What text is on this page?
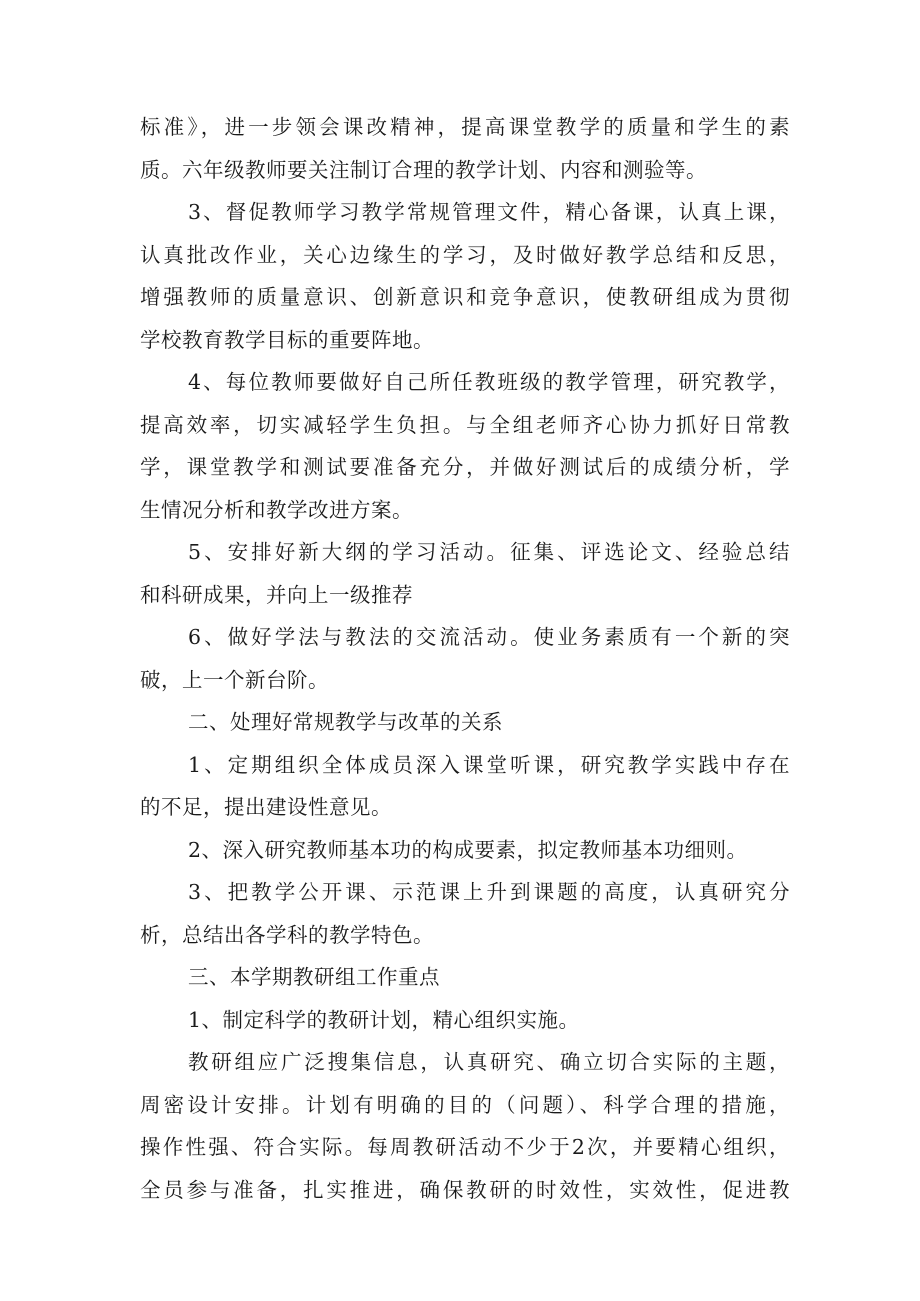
标准》，进一步领会课改精神，提高课堂教学的质量和学生的素
质。六年级教师要关注制订合理的教学计划、内容和测验等。
3、督促教师学习教学常规管理文件，精心备课，认真上课，
认真批改作业，关心边缘生的学习，及时做好教学总结和反思，
增强教师的质量意识、创新意识和竞争意识，使教研组成为贯彻
学校教育教学目标的重要阵地。
4、每位教师要做好自己所任教班级的教学管理，研究教学，
提高效率，切实减轻学生负担。与全组老师齐心协力抓好日常教
学，课堂教学和测试要准备充分，并做好测试后的成绩分析，学
生情况分析和教学改进方案。
5、安排好新大纲的学习活动。征集、评选论文、经验总结
和科研成果，并向上一级推荐
6、做好学法与教法的交流活动。使业务素质有一个新的突
破，上一个新台阶。
二、处理好常规教学与改革的关系
1、定期组织全体成员深入课堂听课，研究教学实践中存在
的不足，提出建设性意见。
2、深入研究教师基本功的构成要素，拟定教师基本功细则。
3、把教学公开课、示范课上升到课题的高度，认真研究分
析，总结出各学科的教学特色。
三、本学期教研组工作重点
1、制定科学的教研计划，精心组织实施。
教研组应广泛搜集信息，认真研究、确立切合实际的主题，
周密设计安排。计划有明确的目的（问题）、科学合理的措施，
操作性强、符合实际。每周教研活动不少于2次，并要精心组织，
全员参与准备，扎实推进，确保教研的时效性，实效性，促进教
